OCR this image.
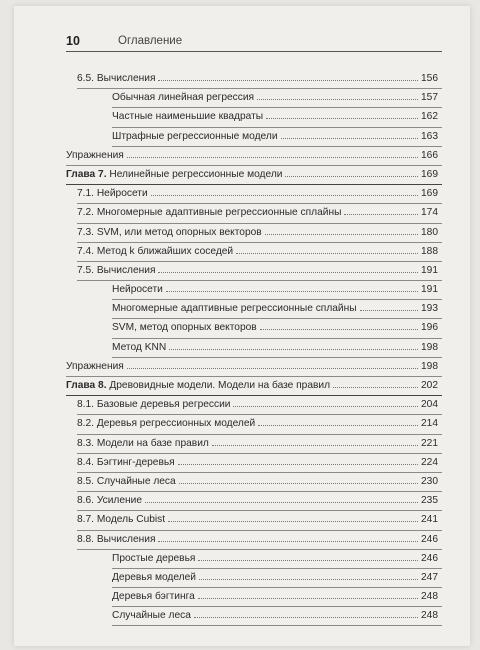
10	Оглавление
6.5. Вычисления	156
Обычная линейная регрессия	157
Частные наименьшие квадраты	162
Штрафные регрессионные модели	163
Упражнения	166
Глава 7. Нелинейные регрессионные модели	169
7.1. Нейросети	169
7.2. Многомерные адаптивные регрессионные сплайны	174
7.3. SVM, или метод опорных векторов	180
7.4. Метод k ближайших соседей	188
7.5. Вычисления	191
Нейросети	191
Многомерные адаптивные регрессионные сплайны	193
SVM, метод опорных векторов	196
Метод KNN	198
Упражнения	198
Глава 8. Древовидные модели. Модели на базе правил	202
8.1. Базовые деревья регрессии	204
8.2. Деревья регрессионных моделей	214
8.3. Модели на базе правил	221
8.4. Бэгтинг-деревья	224
8.5. Случайные леса	230
8.6. Усиление	235
8.7. Модель Cubist	241
8.8. Вычисления	246
Простые деревья	246
Деревья моделей	247
Деревья бэгтинга	248
Случайные леса	248
